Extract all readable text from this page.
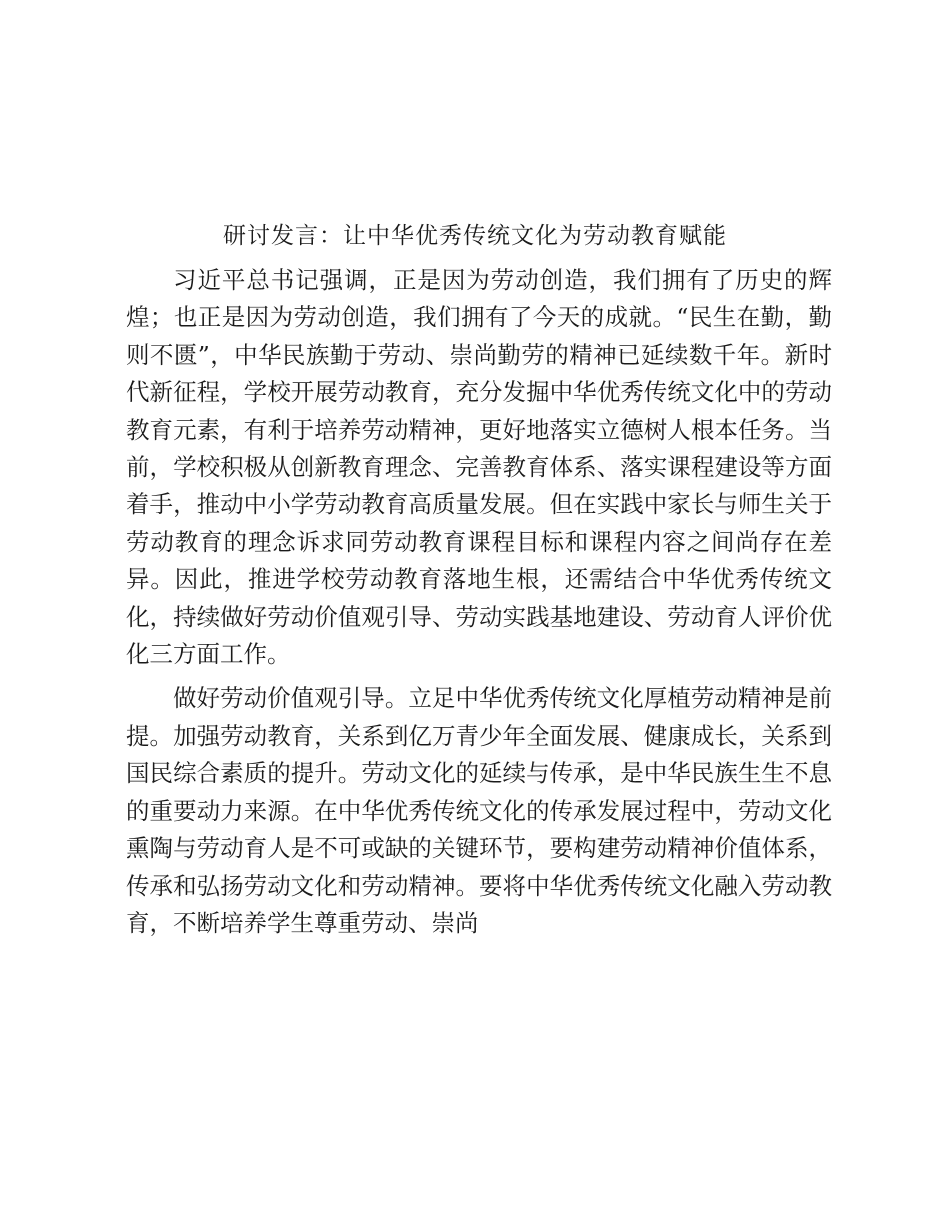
研讨发言：让中华优秀传统文化为劳动教育赋能

习近平总书记强调，正是因为劳动创造，我们拥有了历史的辉煌；也正是因为劳动创造，我们拥有了今天的成就。“民生在勤，勤则不匮”，中华民族勤于劳动、崇尚勤劳的精神已延续数千年。新时代新征程，学校开展劳动教育，充分发掘中华优秀传统文化中的劳动教育元素，有利于培养劳动精神，更好地落实立德树人根本任务。当前，学校积极从创新教育理念、完善教育体系、落实课程建设等方面着手，推动中小学劳动教育高质量发展。但在实践中家长与师生关于劳动教育的理念诉求同劳动教育课程目标和课程内容之间尚存在差异。因此，推进学校劳动教育落地生根，还需结合中华优秀传统文化，持续做好劳动价值观引导、劳动实践基地建设、劳动育人评价优化三方面工作。

做好劳动价值观引导。立足中华优秀传统文化厚植劳动精神是前提。加强劳动教育，关系到亿万青少年全面发展、健康成长，关系到国民综合素质的提升。劳动文化的延续与传承，是中华民族生生不息的重要动力来源。在中华优秀传统文化的传承发展过程中，劳动文化熏陶与劳动育人是不可或缺的关键环节，要构建劳动精神价值体系，传承和弘扬劳动文化和劳动精神。要将中华优秀传统文化融入劳动教育，不断培养学生尊重劳动、崇尚
